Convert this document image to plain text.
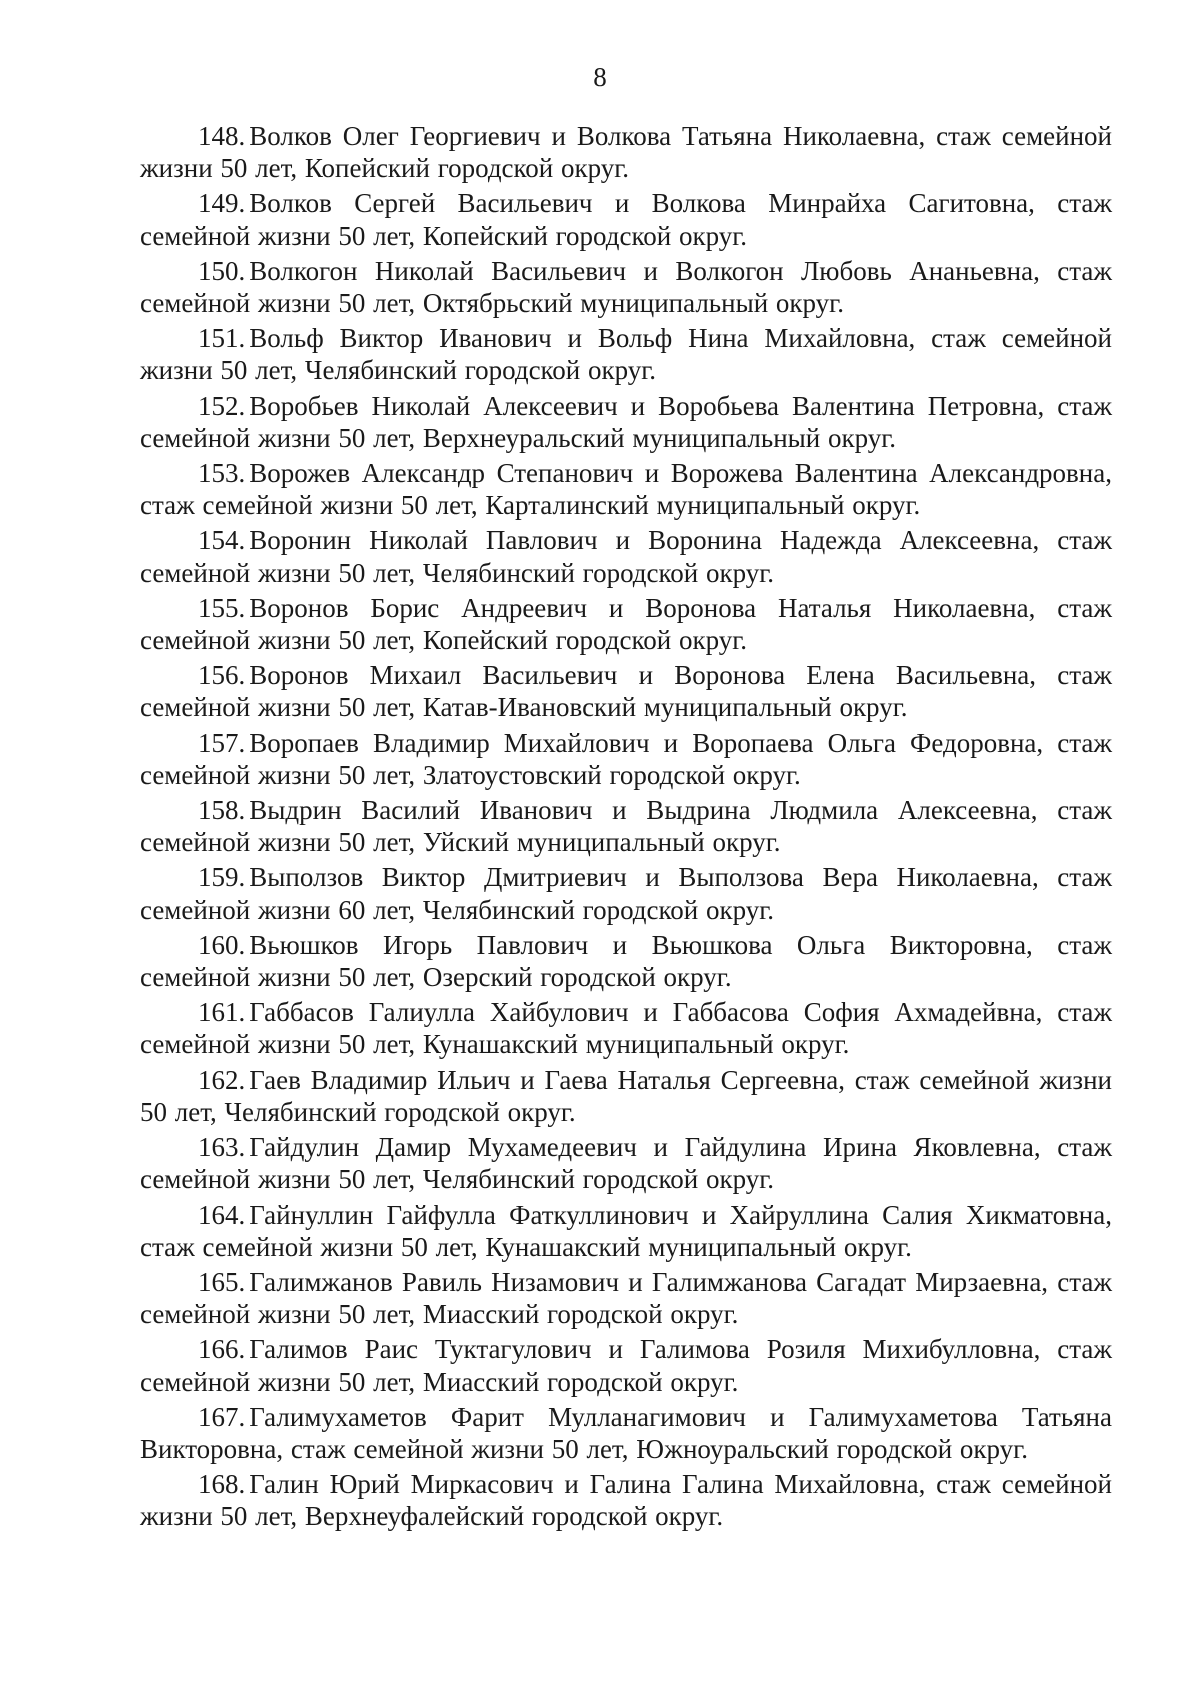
8

148. Волков Олег Георгиевич и Волкова Татьяна Николаевна, стаж семейной жизни 50 лет, Копейский городской округ.

149. Волков Сергей Васильевич и Волкова Минрайха Сагитовна, стаж семейной жизни 50 лет, Копейский городской округ.

150. Волкогон Николай Васильевич и Волкогон Любовь Ананьевна, стаж семейной жизни 50 лет, Октябрьский муниципальный округ.

151. Вольф Виктор Иванович и Вольф Нина Михайловна, стаж семейной жизни 50 лет, Челябинский городской округ.

152. Воробьев Николай Алексеевич и Воробьева Валентина Петровна, стаж семейной жизни 50 лет, Верхнеуральский муниципальный округ.

153. Ворожев Александр Степанович и Ворожева Валентина Александровна, стаж семейной жизни 50 лет, Карталинский муниципальный округ.

154. Воронин Николай Павлович и Воронина Надежда Алексеевна, стаж семейной жизни 50 лет, Челябинский городской округ.

155. Воронов Борис Андреевич и Воронова Наталья Николаевна, стаж семейной жизни 50 лет, Копейский городской округ.

156. Воронов Михаил Васильевич и Воронова Елена Васильевна, стаж семейной жизни 50 лет, Катав-Ивановский муниципальный округ.

157. Воропаев Владимир Михайлович и Воропаева Ольга Федоровна, стаж семейной жизни 50 лет, Златоустовский городской округ.

158. Выдрин Василий Иванович и Выдрина Людмила Алексеевна, стаж семейной жизни 50 лет, Уйский муниципальный округ.

159. Выползов Виктор Дмитриевич и Выползова Вера Николаевна, стаж семейной жизни 60 лет, Челябинский городской округ.

160. Вьюшков Игорь Павлович и Вьюшкова Ольга Викторовна, стаж семейной жизни 50 лет, Озерский городской округ.

161. Габбасов Галиулла Хайбулович и Габбасова София Ахмадейвна, стаж семейной жизни 50 лет, Кунашакский муниципальный округ.

162. Гаев Владимир Ильич и Гаева Наталья Сергеевна, стаж семейной жизни 50 лет, Челябинский городской округ.

163. Гайдулин Дамир Мухамедеевич и Гайдулина Ирина Яковлевна, стаж семейной жизни 50 лет, Челябинский городской округ.

164. Гайнуллин Гайфулла Фаткуллинович и Хайруллина Салия Хикматовна, стаж семейной жизни 50 лет, Кунашакский муниципальный округ.

165. Галимжанов Равиль Низамович и Галимжанова Сагадат Мирзаевна, стаж семейной жизни 50 лет, Миасский городской округ.

166. Галимов Раис Туктагулович и Галимова Розиля Михибулловна, стаж семейной жизни 50 лет, Миасский городской округ.

167. Галимухаметов Фарит Мулланагимович и Галимухаметова Татьяна Викторовна, стаж семейной жизни 50 лет, Южноуральский городской округ.

168. Галин Юрий Миркасович и Галина Галина Михайловна, стаж семейной жизни 50 лет, Верхнеуфалейский городской округ.
